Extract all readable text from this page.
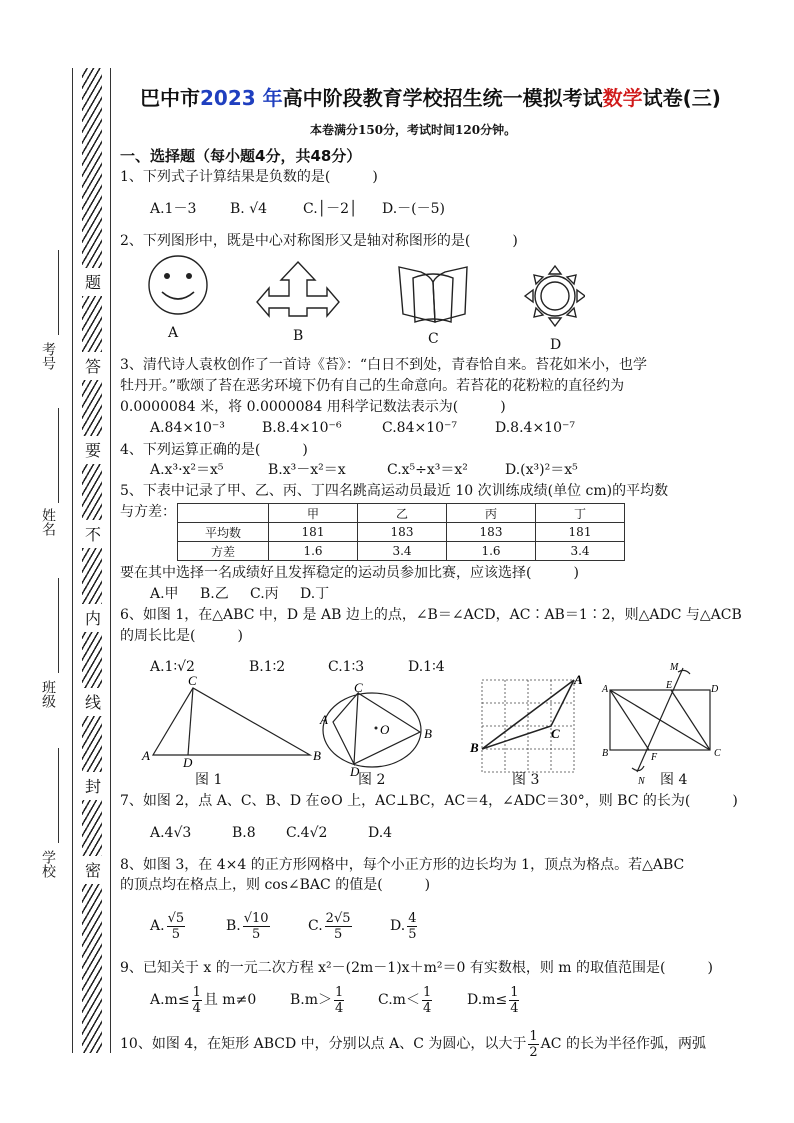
题
答
要
不
内
线
封
密
考号
姓名
班级
学校
巴中市2023 年高中阶段教育学校招生统一模拟考试数学试卷(三)
本卷满分150分，考试时间120分钟。
一、选择题（每小题4分，共48分）
1、下列式子计算结果是负数的是(　　　)
A.1－3 B. √4	C.│－2│ D.－(－5)
2、下列图形中，既是中心对称图形又是轴对称图形的是(　　　)
A	B	C	D
3、清代诗人袁枚创作了一首诗《苔》：“白日不到处，青春恰自来。苔花如米小，也学
牡丹开。”歌颂了苔在恶劣环境下仍有自己的生命意向。若苔花的花粉粒的直径约为
0.0000084 米，将 0.0000084 用科学记数法表示为(　　　)
A.84×10⁻³	B.8.4×10⁻⁶	C.84×10⁻⁷	D.8.4×10⁻⁷
4、下列运算正确的是(　　　)
A.x³·x²＝x⁵	B.x³－x²＝x	C.x⁵÷x³＝x²	D.(x³)²＝x⁵
5、下表中记录了甲、乙、丙、丁四名跳高运动员最近 10 次训练成绩(单位 cm)的平均数
与方差：
		甲	乙	丙	丁
平均数	181	183	183	181
方差	1.6	3.4	1.6	3.4
要在其中选择一名成绩好且发挥稳定的运动员参加比赛，应该选择(　　　)
A.甲 B.乙 C.丙 D.丁
6、如图 1，在△ABC 中，D 是 AB 边上的点，∠B＝∠ACD，AC∶AB＝1∶2，则△ADC 与△ACB
的周长比是(　　　)
A.1∶√2	B.1∶2	C.1∶3	D.1∶4
A	B
C
D
O
A
B
C
D
B
A
C
A
B	C
D
E
F
M
N
图 1	图 2	图 3	图 4
7、如图 2，点 A、C、B、D 在⊙O 上，AC⊥BC，AC＝4，∠ADC＝30°，则 BC 的长为(　　　)
A.4√3	B.8 C.4√2	D.4
8、如图 3，在 4×4 的正方形网格中，每个小正方形的边长均为 1，顶点为格点。若△ABC
的顶点均在格点上，则 cos∠BAC 的值是(　　　)
A. $\frac{√5}{5}$	B. $\frac{√10}{5}$	C. $\frac{2√5}{5}$	D. $\frac{4}{5}$
9、已知关于 x 的一元二次方程 x²－(2m－1)x＋m²＝0 有实数根，则 m 的取值范围是(　　　)
$A.m\le \frac{1}{4}$ 且 m≠0 $B.m> \frac{1}{4} C.m< \frac{1}{4} D.m\le \frac{1}{4}$
10、如图 4，在矩形 ABCD 中，分别以点 A、C 为圆心，以大于 $\frac{1}{2}$ AC 的长为半径作弧，两弧
